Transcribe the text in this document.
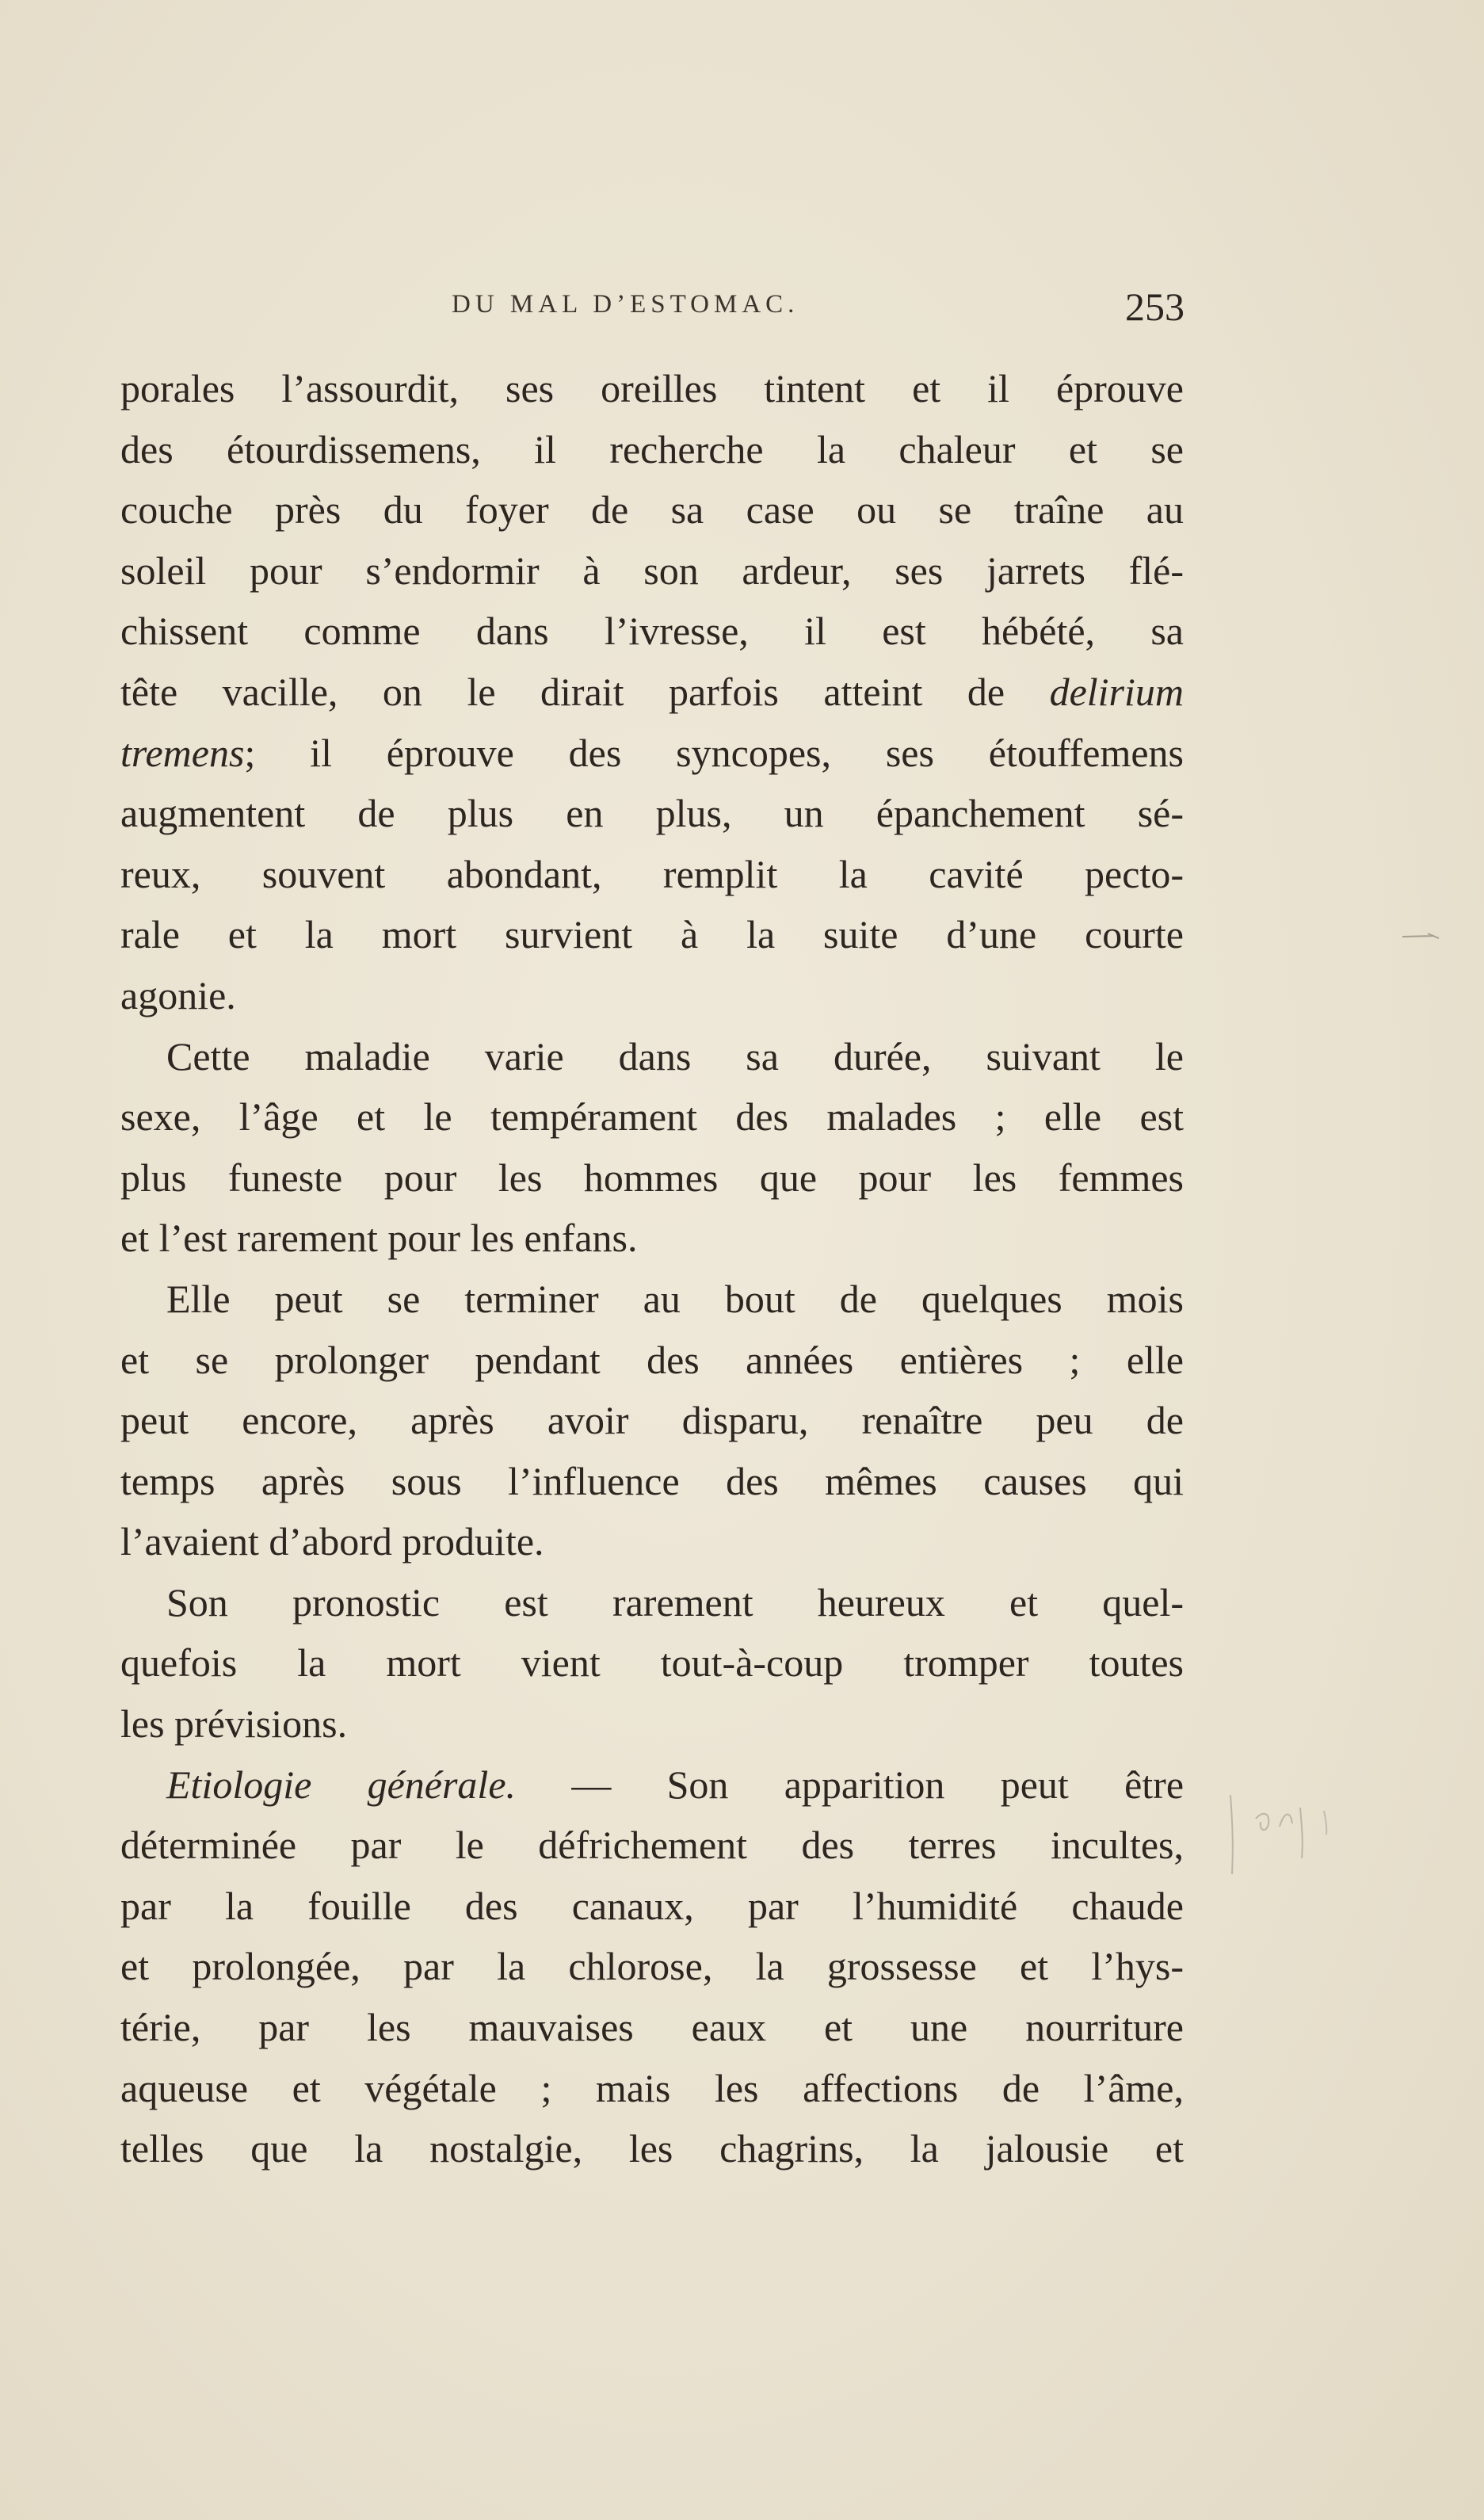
DU MAL D’ESTOMAC.	253
porales l’assourdit, ses oreilles tintent et il éprouve
des étourdissemens, il recherche la chaleur et se
couche près du foyer de sa case ou se traîne au
soleil pour s’endormir à son ardeur, ses jarrets flé-
chissent comme dans l’ivresse, il est hébété, sa
tête vacille, on le dirait parfois atteint de delirium
tremens; il éprouve des syncopes, ses étouffemens
augmentent de plus en plus, un épanchement sé-
reux, souvent abondant, remplit la cavité pecto-
rale et la mort survient à la suite d’une courte
agonie.
Cette maladie varie dans sa durée, suivant le
sexe, l’âge et le tempérament des malades ; elle est
plus funeste pour les hommes que pour les femmes
et l’est rarement pour les enfans.
Elle peut se terminer au bout de quelques mois
et se prolonger pendant des années entières ; elle
peut encore, après avoir disparu, renaître peu de
temps après sous l’influence des mêmes causes qui
l’avaient d’abord produite.
Son pronostic est rarement heureux et quel-
quefois la mort vient tout-à-coup tromper toutes
les prévisions.
Etiologie générale. — Son apparition peut être
déterminée par le défrichement des terres incultes,
par la fouille des canaux, par l’humidité chaude
et prolongée, par la chlorose, la grossesse et l’hys-
térie, par les mauvaises eaux et une nourriture
aqueuse et végétale ; mais les affections de l’âme,
telles que la nostalgie, les chagrins, la jalousie et
